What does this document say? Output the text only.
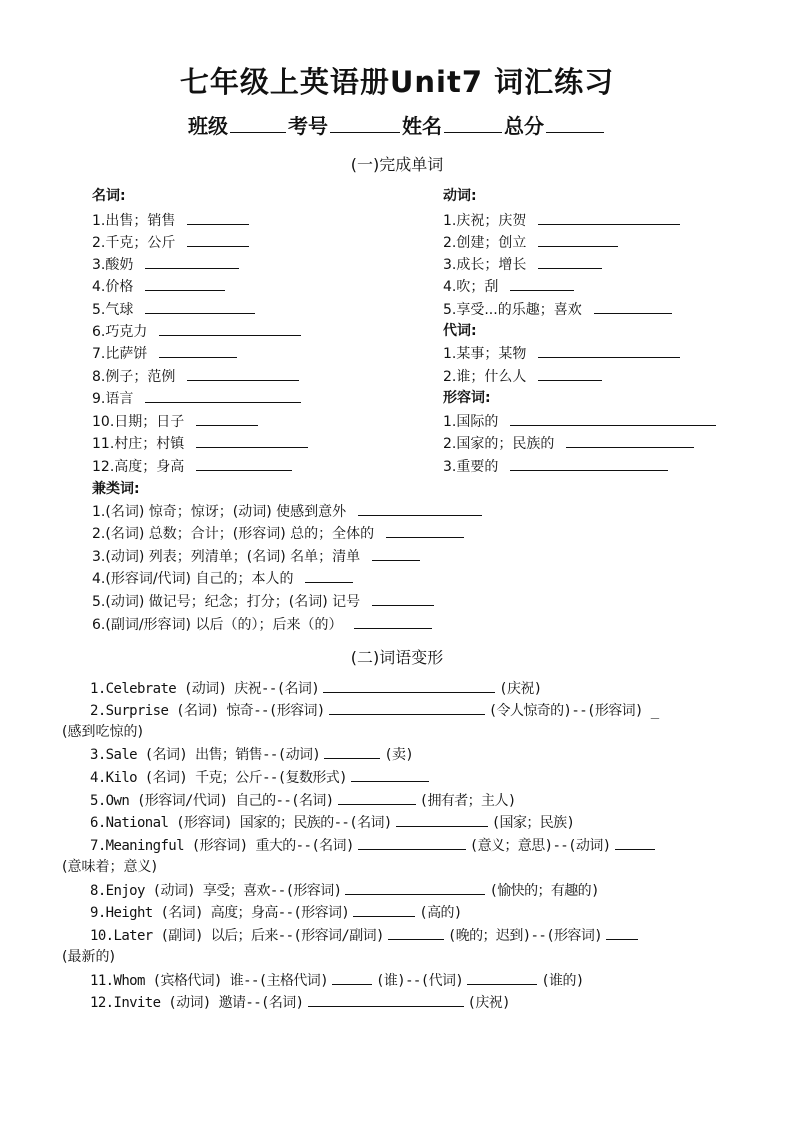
七年级上英语册Unit7 词汇练习
班级	考号	姓名	总分
(一)完成单词
名词:
1.出售；销售
2.千克；公斤
3.酸奶
4.价格
5.气球
6.巧克力
7.比萨饼
8.例子；范例
9.语言
10.日期；日子
11.村庄；村镇
12.高度；身高
动词:
1.庆祝；庆贺
2.创建；创立
3.成长；增长
4.吹；刮
5.享受...的乐趣；喜欢
代词:
1.某事；某物
2.谁；什么人
形容词:
1.国际的
2.国家的；民族的
3.重要的
兼类词:
1.(名词) 惊奇；惊讶；(动词) 使感到意外
2.(名词) 总数；合计；(形容词) 总的；全体的
3.(动词) 列表；列清单；(名词) 名单；清单
4.(形容词/代词) 自己的；本人的
5.(动词) 做记号；纪念；打分；(名词) 记号
6.(副词/形容词) 以后（的）；后来（的）
(二)词语变形
1.Celebrate (动词) 庆祝--(名词)	(庆祝)
2.Surprise (名词) 惊奇--(形容词)	(令人惊奇的)--(形容词) _
(感到吃惊的)
3.Sale (名词) 出售；销售--(动词)	(卖)
4.Kilo (名词) 千克；公斤--(复数形式)
5.Own (形容词/代词) 自己的--(名词)	(拥有者；主人)
6.National (形容词) 国家的；民族的--(名词)	(国家；民族)
7.Meaningful (形容词) 重大的--(名词)	(意义；意思)--(动词)
(意味着；意义)
8.Enjoy (动词) 享受；喜欢--(形容词)	(愉快的；有趣的)
9.Height (名词) 高度；身高--(形容词)	(高的)
10.Later (副词) 以后；后来--(形容词/副词)	(晚的；迟到)--(形容词)
(最新的)
11.Whom (宾格代词) 谁--(主格代词)	(谁)--(代词)	(谁的)
12.Invite (动词) 邀请--(名词)	(庆祝)
